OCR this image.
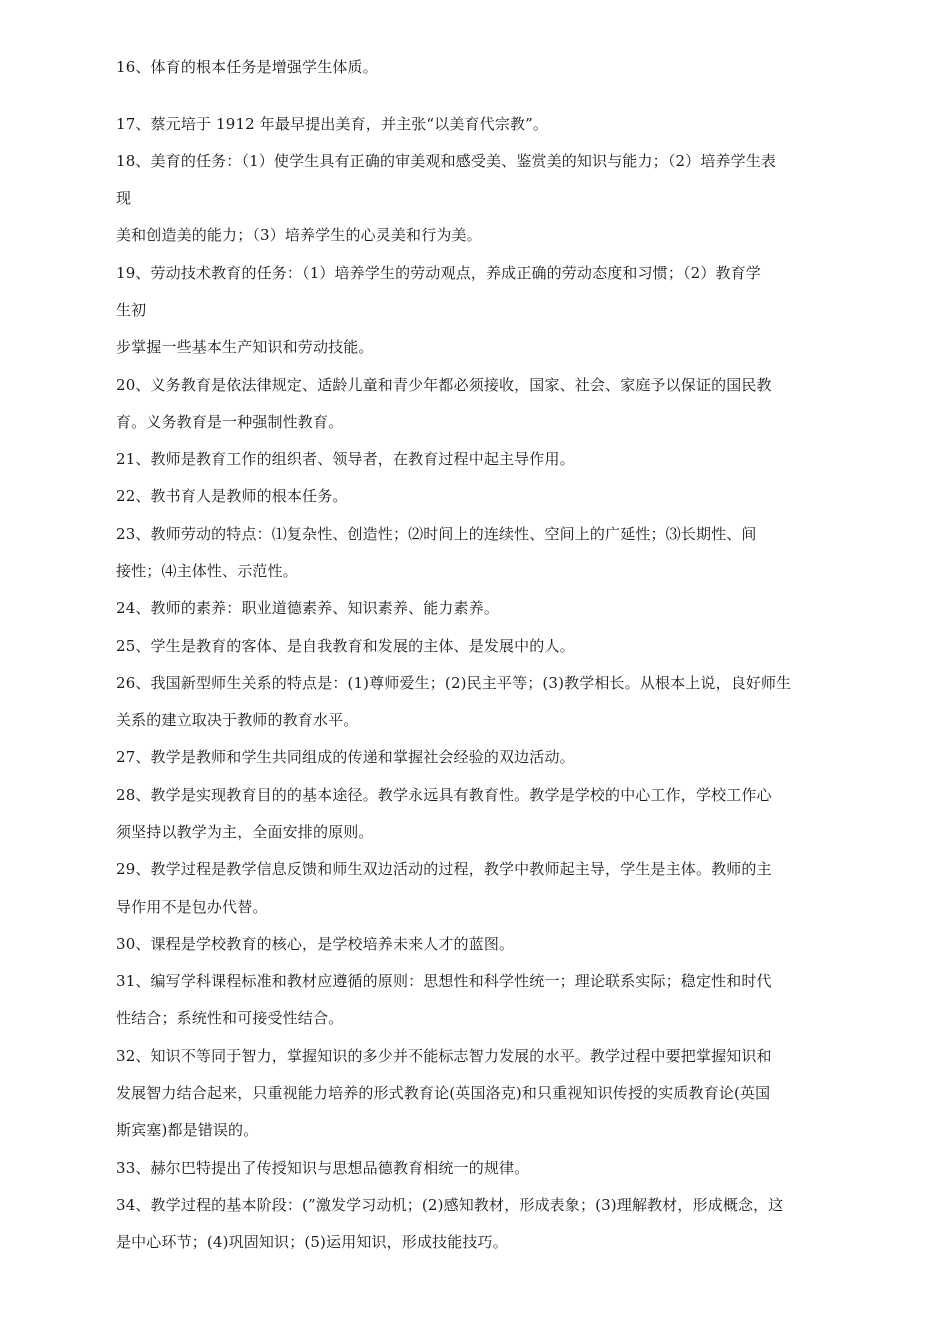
16、体育的根本任务是增强学生体质。
17、蔡元培于 1912 年最早提出美育，并主张“以美育代宗教”。
18、美育的任务：（1）使学生具有正确的审美观和感受美、鉴赏美的知识与能力；（2）培养学生表
现
美和创造美的能力；（3）培养学生的心灵美和行为美。
19、劳动技术教育的任务：（1）培养学生的劳动观点，养成正确的劳动态度和习惯；（2）教育学
生初
步掌握一些基本生产知识和劳动技能。
20、义务教育是依法律规定、适龄儿童和青少年都必须接收，国家、社会、家庭予以保证的国民教
育。义务教育是一种强制性教育。
21、教师是教育工作的组织者、领导者，在教育过程中起主导作用。
22、教书育人是教师的根本任务。
23、教师劳动的特点：⑴复杂性、创造性；⑵时间上的连续性、空间上的广延性；⑶长期性、间
接性；⑷主体性、示范性。
24、教师的素养：职业道德素养、知识素养、能力素养。
25、学生是教育的客体、是自我教育和发展的主体、是发展中的人。
26、我国新型师生关系的特点是：(1)尊师爱生；(2)民主平等；(3)教学相长。从根本上说，良好师生
关系的建立取决于教师的教育水平。
27、教学是教师和学生共同组成的传递和掌握社会经验的双边活动。
28、教学是实现教育目的的基本途径。教学永远具有教育性。教学是学校的中心工作，学校工作心
须坚持以教学为主，全面安排的原则。
29、教学过程是教学信息反馈和师生双边活动的过程，教学中教师起主导，学生是主体。教师的主
导作用不是包办代替。
30、课程是学校教育的核心，是学校培养未来人才的蓝图。
31、编写学科课程标准和教材应遵循的原则：思想性和科学性统一；理论联系实际；稳定性和时代
性结合；系统性和可接受性结合。
32、知识不等同于智力，掌握知识的多少并不能标志智力发展的水平。教学过程中要把掌握知识和
发展智力结合起来，只重视能力培养的形式教育论(英国洛克)和只重视知识传授的实质教育论(英国
斯宾塞)都是错误的。
33、赫尔巴特提出了传授知识与思想品德教育相统一的规律。
34、教学过程的基本阶段：(”激发学习动机；(2)感知教材，形成表象；(3)理解教材，形成概念，这
是中心环节；(4)巩固知识；(5)运用知识，形成技能技巧。
